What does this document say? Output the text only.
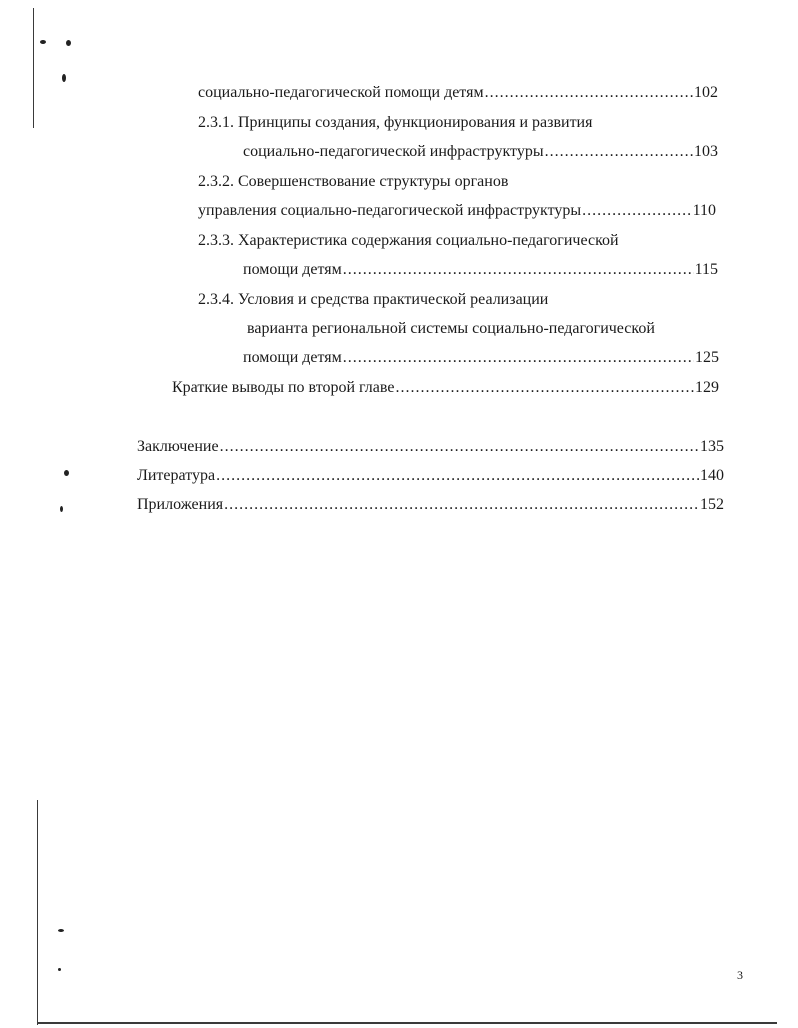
социально-педагогической помощи детям .....	102
2.3.1. Принципы создания, функционирования и развития
социально-педагогической инфраструктуры .....	103
2.3.2. Совершенствование структуры органов
управления социально-педагогической инфраструктуры .....	110
2.3.3. Характеристика содержания социально-педагогической
помощи детям .....	115
2.3.4. Условия и средства практической реализации
варианта региональной системы социально-педагогической
помощи детям .....	125
Краткие выводы по второй главе .....	129
Заключение .....	135
Литература .....	140
Приложения .....	152
3
